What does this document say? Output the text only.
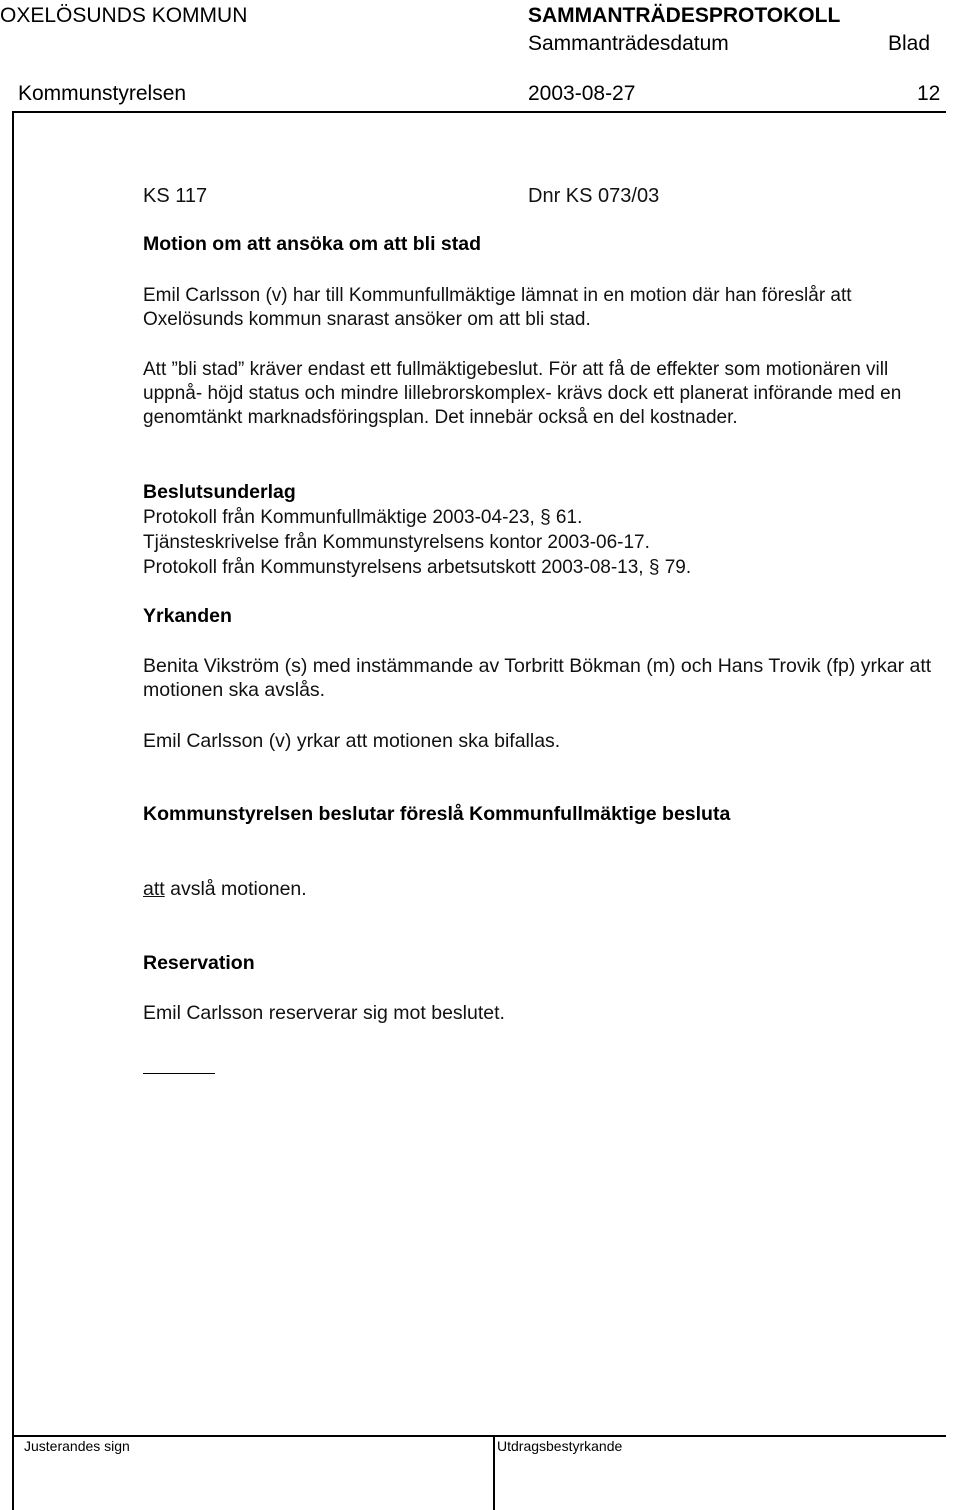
OXELÖSUNDS KOMMUN	SAMMANTRÄDESPROTOKOLL
Sammanträdesdatum	Blad
Kommunstyrelsen	2003-08-27	12
KS 117	Dnr KS 073/03
Motion om att ansöka om att bli stad

Emil Carlsson (v) har till Kommunfullmäktige lämnat in en motion där han föreslår att Oxelösunds kommun snarast ansöker om att bli stad.

Att ”bli stad” kräver endast ett fullmäktigebeslut. För att få de effekter som motionären vill uppnå- höjd status och mindre lillebrorskomplex- krävs dock ett planerat införande med en genomtänkt marknadsföringsplan. Det innebär också en del kostnader.

Beslutsunderlag
Protokoll från Kommunfullmäktige 2003-04-23, § 61.
Tjänsteskrivelse från Kommunstyrelsens kontor 2003-06-17.
Protokoll från Kommunstyrelsens arbetsutskott 2003-08-13, § 79.
Yrkanden

Benita Vikström (s) med instämmande av Torbritt Bökman (m) och Hans Trovik (fp) yrkar att motionen ska avslås.

Emil Carlsson (v) yrkar att motionen ska bifallas.
Kommunstyrelsen beslutar föreslå Kommunfullmäktige besluta
att avslå motionen.
Reservation
Emil Carlsson reserverar sig mot beslutet.
Justerandes sign	Utdragsbestyrkande
